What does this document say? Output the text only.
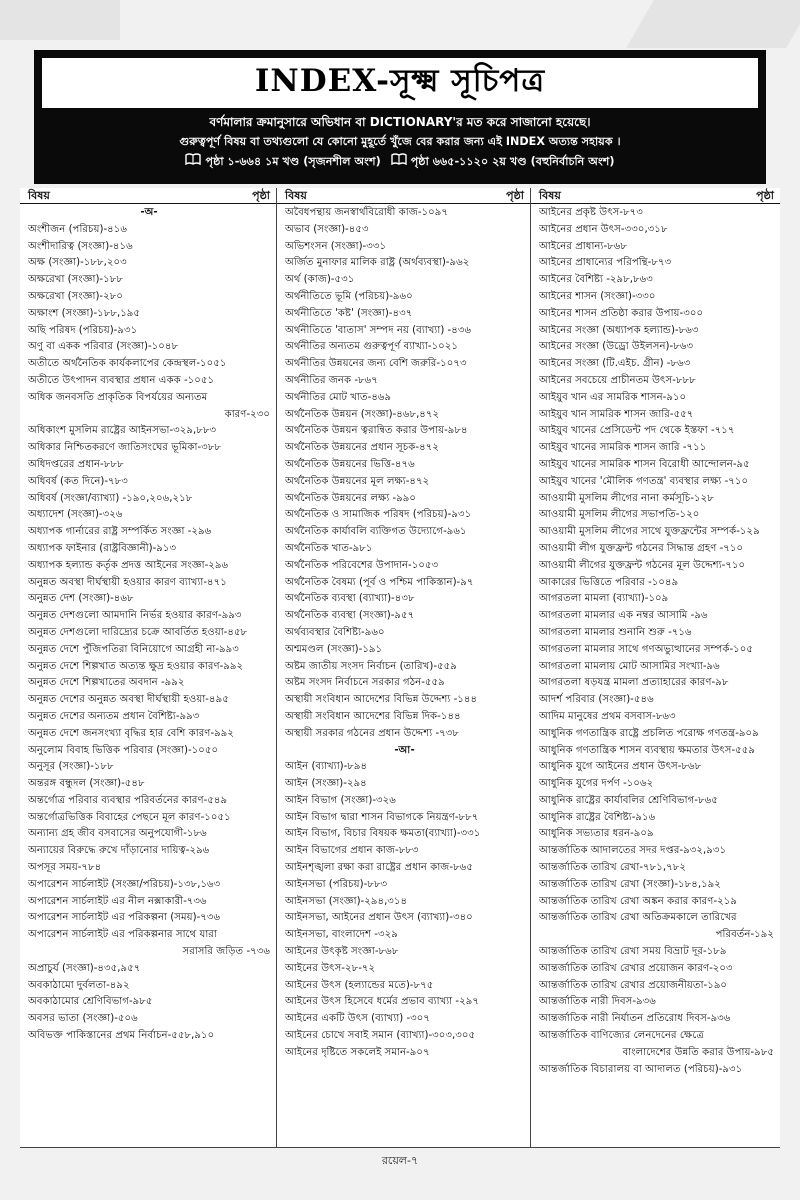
INDEX-সূক্ষ্ম সূচিপত্র
বর্ণমালার ক্রমানুসারে অভিধান বা DICTIONARY'র মত করে সাজানো হয়েছে।
গুরুত্বপূর্ণ বিষয় বা তথ্যগুলো যে কোনো মুহূর্তে খুঁজে বের করার জন্য এই INDEX অত্যন্ত সহায়ক ।
পৃষ্ঠা ১-৬৬৪ ১ম খণ্ড (সৃজনশীল অংশ)	পৃষ্ঠা ৬৬৫-১১২০ ২য় খণ্ড (বহুনির্বাচনি অংশ)
বিষয়	পৃষ্ঠা
-অ-
অংশীজন (পরিচয়)-৪১৬
অংশীদারিত্ব (সংজ্ঞা)-৪১৬
অক্ষ (সংজ্ঞা)-১৮৮,২০৩
অক্ষরেখা (সংজ্ঞা)-১৮৮
অক্ষরেখা (সংজ্ঞা)-২৮০
অক্ষাংশ (সংজ্ঞা)-১৮৮,১৯৫
অছি পরিষদ (পরিচয়)-৯৩১
অণু বা একক পরিবার (সংজ্ঞা)-১০৪৮
অতীতে অর্থনৈতিক কার্যকলাপের কেন্দ্রস্থল-১০৫১
অতীতে উৎপাদন ব্যবস্থার প্রধান একক -১০৫১
অধিক জনবসতি প্রাকৃতিক বিপর্যয়ের অন্যতম
কারণ-২৩০
অধিকাংশ মুসলিম রাষ্ট্রের আইনসভা-৩২৯,৮৮৩
অধিকার নিশ্চিতকরণে জাতিসংঘের ভূমিকা-৩৮৮
অধিদপ্তরের প্রধান-৮৮৮
অধিবর্ষ (কত দিনে)-৭৮৩
অধিবর্ষ (সংজ্ঞা/ব্যাখ্যা) -১৯০,২০৬,২১৮
অধ্যাদেশ (সংজ্ঞা)-৩২৬
অধ্যাপক গার্নারের রাষ্ট্র সম্পর্কিত সংজ্ঞা -২৯৬
অধ্যাপক ফাইনার (রাষ্ট্রবিজ্ঞানী)-৯১৩
অধ্যাপক হল্যান্ড কর্তৃক প্রদত্ত আইনের সংজ্ঞা-২৯৬
অনুন্নত অবস্থা দীর্ঘস্থায়ী হওয়ার কারণ ব্যাখ্যা-৪৭১
অনুন্নত দেশ (সংজ্ঞা)-৪৬৮
অনুন্নত দেশগুলো আমদানি নির্ভর হওয়ার কারণ-৯৯৩
অনুন্নত দেশগুলো দারিদ্র্যের চক্রে আবর্তিত হওয়া-৪৫৮
অনুন্নত দেশে পুঁজিপতিরা বিনিয়োগে আগ্রহী না-৯৯৩
অনুন্নত দেশে শিল্পখাত অত্যন্ত ক্ষুদ্র হওয়ার কারণ-৯৯২
অনুন্নত দেশে শিল্পখাতের অবদান -৯৯২
অনুন্নত দেশের অনুন্নত অবস্থা দীর্ঘস্থায়ী হওয়া-৪৯৫
অনুন্নত দেশের অন্যতম প্রধান বৈশিষ্ট্য-৯৯৩
অনুন্নত দেশে জনসংখ্যা বৃদ্ধির হার বেশি কারণ-৯৯২
অনুলোম বিবাহ ভিত্তিক পরিবার (সংজ্ঞা)-১০৫০
অনুসূর (সংজ্ঞা)-১৮৮
অন্তরঙ্গ বন্ধুদল (সংজ্ঞা)-৫৪৮
অন্তর্গোত্র পরিবার ব্যবস্থার পরিবর্তনের কারণ-৫৪৯
অন্তর্গোত্রভিত্তিক বিবাহের পেছনে মূল কারণ-১০৫১
অন্যান্য গ্রহ জীব বসবাসের অনুপযোগী-১৮৬
অন্যায়ের বিরুদ্ধে রুখে দাঁড়ানোর দায়িত্ব-২৯৬
অপসূর সময়-৭৮৪
অপারেশন সার্চলাইট (সংজ্ঞা/পরিচয়)-১৩৮,১৬৩
অপারেশন সার্চলাইট এর নীল নক্সাকারী-৭৩৬
অপারেশন সার্চলাইট এর পরিকল্পনা (সময়)-৭৩৬
অপারেশন সার্চলাইট এর পরিকল্পনার সাথে যারা
সরাসরি জড়িত -৭৩৬
অপ্রাচুর্য (সংজ্ঞা)-৪৩৫,৯৫৭
অবকাঠামো দুর্বলতা-৪৯২
অবকাঠামোর শ্রেণিবিভাগ-৯৮৫
অবসর ভাতা (সংজ্ঞা)-৫০৬
অবিভক্ত পাকিস্তানের প্রথম নির্বাচন-৫৫৮,৯১০
বিষয়	পৃষ্ঠা
অবৈধপন্থায় জনস্বার্থবিরোধী কাজ-১০৯৭
অভাব (সংজ্ঞা)-৪৫৩
অভিশংসন (সংজ্ঞা)-৩৩১
অর্জিত মুনাফার মালিক রাষ্ট্র (অর্থব্যবস্থা)-৯৬২
অর্থ (কাজ)-৫৩১
অর্থনীতিতে ভূমি (পরিচয়)-৯৬০
অর্থনীতিতে 'কষ্ট' (সংজ্ঞা)-৪৩৭
অর্থনীতিতে 'বাতাস' সম্পদ নয় (ব্যাখ্যা) -৪৩৬
অর্থনীতির অন্যতম গুরুত্বপূর্ণ ব্যাখ্যা-১০২১
অর্থনীতির উন্নয়নের জন্য বেশি জরুরি-১০৭৩
অর্থনীতির জনক -৮৬৭
অর্থনীতির মোট খাত-৪৬৯
অর্থনৈতিক উন্নয়ন (সংজ্ঞা)-৪৬৮,৪৭২
অর্থনৈতিক উন্নয়ন ত্বরান্বিত করার উপায়-৯৮৪
অর্থনৈতিক উন্নয়নের প্রধান সূচক-৪৭২
অর্থনৈতিক উন্নয়নের ভিত্তি-৪৭৬
অর্থনৈতিক উন্নয়নের মূল লক্ষ্য-৪৭২
অর্থনৈতিক উন্নয়নের লক্ষ্য -৯৯০
অর্থনৈতিক ও সামাজিক পরিষদ (পরিচয়)-৯৩১
অর্থনৈতিক কার্যাবলি ব্যক্তিগত উদ্যোগে-৯৬১
অর্থনৈতিক খাত-৯৮১
অর্থনৈতিক পরিবেশের উপাদান-১০৫৩
অর্থনৈতিক বৈষম্য (পূর্ব ও পশ্চিম পাকিস্তান)-৯৭
অর্থনৈতিক ব্যবস্থা (ব্যাখ্যা)-৪৩৮
অর্থনৈতিক ব্যবস্থা (সংজ্ঞা)-৯৫৭
অর্থব্যবস্থার বৈশিষ্ট্য-৯৬০
অশ্মমণ্ডল (সংজ্ঞা)-১৯১
অষ্টম জাতীয় সংসদ নির্বাচন (তারিখ)-৫৫৯
অষ্টম সংসদ নির্বাচনে সরকার গঠন-৫৫৯
অস্থায়ী সংবিধান আদেশের বিভিন্ন উদ্দেশ্য -১৪৪
অস্থায়ী সংবিধান আদেশের বিভিন্ন দিক-১৪৪
অস্থায়ী সরকার গঠনের প্রধান উদ্দেশ্য -৭৩৮
-আ-
আইন (ব্যাখ্যা)-৮৯৪
আইন (সংজ্ঞা)-২৯৪
আইন বিভাগ (সংজ্ঞা)-৩২৬
আইন বিভাগ দ্বারা শাসন বিভাগকে নিয়ন্ত্রণ-৮৮৭
আইন বিভাগ, বিচার বিষয়ক ক্ষমতা(ব্যাখ্যা)-৩৩১
আইন বিভাগের প্রধান কাজ-৮৮৩
আইনশৃঙ্খলা রক্ষা করা রাষ্ট্রের প্রধান কাজ-৮৬৫
আইনসভা (পরিচয়)-৮৮৩
আইনসভা (সংজ্ঞা)-২৯৪,৩১৪
আইনসভা, আইনের প্রধান উৎস (ব্যাখ্যা)-৩৪০
আইনসভা, বাংলাদেশ -৩২৯
আইনের উৎকৃষ্ট সংজ্ঞা-৮৬৮
আইনের উৎস-২৮-৭২
আইনের উৎস (হল্যান্ডের মতে)-৮৭৫
আইনের উৎস হিসেবে ধর্মের প্রভাব ব্যাখ্যা -২৯৭
আইনের একটি উৎস (ব্যাখ্যা) -৩০৭
আইনের চোখে সবাই সমান (ব্যাখ্যা)-৩০৩,৩০৫
আইনের দৃষ্টিতে সকলেই সমান-৯০৭
বিষয়	পৃষ্ঠা
আইনের প্রকৃষ্ট উৎস-৮৭৩
আইনের প্রধান উৎস-৩৩০,৩১৮
আইনের প্রাধান্য-৮৬৮
আইনের প্রাধান্যের পরিপন্থি-৮৭৩
আইনের বৈশিষ্ট্য -২৯৮,৮৬৩
আইনের শাসন (সংজ্ঞা)-৩৩০
আইনের শাসন প্রতিষ্ঠা করার উপায়-৩০০
আইনের সংজ্ঞা (অধ্যাপক হল্যান্ড)-৮৬৩
আইনের সংজ্ঞা (উড্রো উইলসন)-৮৬৩
আইনের সংজ্ঞা (টি.এইচ. গ্রীন) -৮৬৩
আইনের সবচেয়ে প্রাচীনতম উৎস-৮৮৮
আইয়ুব খান এর সামরিক শাসন-৯১০
আইয়ুব খান সামরিক শাসন জারি-৫৫৭
আইয়ুব খানের প্রেসিডেন্ট পদ থেকে ইস্তফা -৭১৭
আইয়ুব খানের সামরিক শাসন জারি -৭১১
আইয়ুব খানের সামরিক শাসন বিরোধী আন্দোলন-৯৫
আইয়ুব খানের 'মৌলিক গণতন্ত্র' ব্যবস্থার লক্ষ্য -৭১০
আওয়ামী মুসলিম লীগের নানা কর্মসূচি-১২৮
আওয়ামী মুসলিম লীগের সভাপতি-১২০
আওয়ামী মুসলিম লীগের সাথে যুক্তফ্রন্টের সম্পর্ক-১২৯
আওয়ামী লীগ যুক্তফ্রন্ট গঠনের সিদ্ধান্ত গ্রহণ -৭১০
আওয়ামী লীগের যুক্তফ্রন্ট গঠনের মূল উদ্দেশ্য-৭১০
আকারের ভিত্তিতে পরিবার -১০৪৯
আগরতলা মামলা (ব্যাখ্যা)-১০৯
আগরতলা মামলার এক নম্বর আসামি -৯৬
আগরতলা মামলার শুনানি শুরু -৭১৬
আগরতলা মামলার সাথে গণঅভ্যুত্থানের সম্পর্ক-১০৫
আগরতলা মামলায় মোট আসামির সংখ্যা-৯৬
আগরতলা ষড়যন্ত্র মামলা প্রত্যাহারের কারণ-৯৮
আদর্শ পরিবার (সংজ্ঞা)-৫৪৬
আদিম মানুষের প্রথম বসবাস-৮৬৩
আধুনিক গণতান্ত্রিক রাষ্ট্রে প্রচলিত পরোক্ষ গণতন্ত্র-৯০৯
আধুনিক গণতান্ত্রিক শাসন ব্যবস্থায় ক্ষমতার উৎস-৫৫৯
আধুনিক যুগে আইনের প্রধান উৎস-৮৬৮
আধুনিক যুগের দর্পণ -১০৬২
আধুনিক রাষ্ট্রের কার্যাবলির শ্রেণিবিভাগ-৮৬৫
আধুনিক রাষ্ট্রের বৈশিষ্ট্য-৯১৬
আধুনিক সভ্যতার ধরন-৯০৯
আন্তর্জাতিক আদালতের সদর দপ্তর-৯৩২,৯৩১
আন্তর্জাতিক তারিখ রেখা-৭৮১,৭৮২
আন্তর্জাতিক তারিখ রেখা (সংজ্ঞা)-১৮৪,১৯২
আন্তর্জাতিক তারিখ রেখা অঙ্কন করার কারণ-২১৯
আন্তর্জাতিক তারিখ রেখা অতিক্রমকালে তারিখের
পরিবর্তন-১৯২
আন্তর্জাতিক তারিখ রেখা সময় বিভ্রাট দূর-১৮৯
আন্তর্জাতিক তারিখ রেখার প্রয়োজন কারণ-২০৩
আন্তর্জাতিক তারিখ রেখার প্রয়োজনীয়তা-১৯০
আন্তর্জাতিক নারী দিবস-৯৩৬
আন্তর্জাতিক নারী নির্যাতন প্রতিরোধ দিবস-৯৩৬
আন্তর্জাতিক বাণিজ্যের লেনদেনের ক্ষেত্রে
বাংলাদেশের উন্নতি করার উপায়-৯৮৫
আন্তর্জাতিক বিচারালয় বা আদালত (পরিচয়)-৯৩১
রয়েল-৭
